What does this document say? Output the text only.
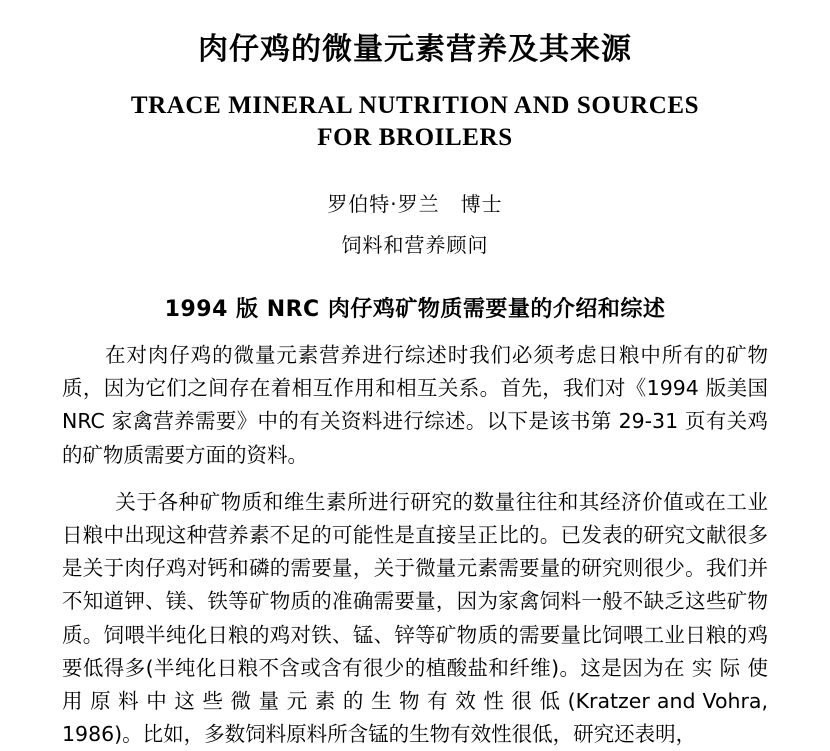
肉仔鸡的微量元素营养及其来源
TRACE MINERAL NUTRITION AND SOURCES
FOR BROILERS
罗伯特·罗兰　博士
饲料和营养顾问
1994 版 NRC 肉仔鸡矿物质需要量的介绍和综述

在对肉仔鸡的微量元素营养进行综述时我们必须考虑日粮中所有的矿物质，因为它们之间存在着相互作用和相互关系。首先，我们对《1994 版美国 NRC 家禽营养需要》中的有关资料进行综述。以下是该书第 29-31 页有关鸡的矿物质需要方面的资料。

关于各种矿物质和维生素所进行研究的数量往往和其经济价值或在工业日粮中出现这种营养素不足的可能性是直接呈正比的。已发表的研究文献很多是关于肉仔鸡对钙和磷的需要量，关于微量元素需要量的研究则很少。我们并不知道钾、镁、铁等矿物质的准确需要量，因为家禽饲料一般不缺乏这些矿物质。饲喂半纯化日粮的鸡对铁、锰、锌等矿物质的需要量比饲喂工业日粮的鸡要低得多(半纯化日粮不含或含有很少的植酸盐和纤维)。这是因为在 实 际 使 用 原 料 中 这 些 微 量 元 素 的 生 物 有 效 性 很 低 (Kratzer and Vohra, 1986)。比如，多数饲料原料所含锰的生物有效性很低，研究还表明，
